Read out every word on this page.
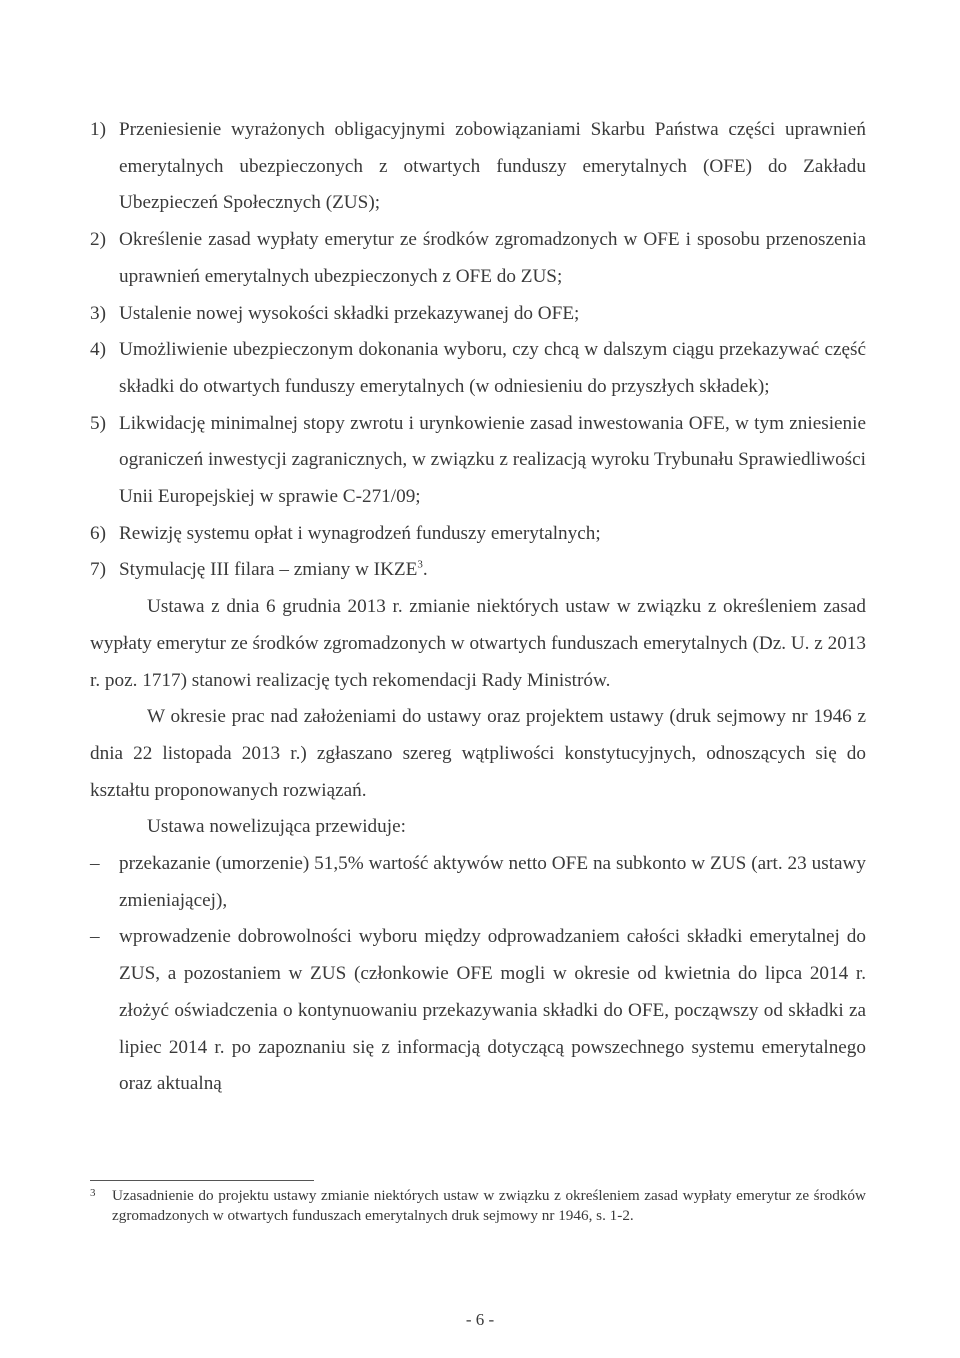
1) Przeniesienie wyrażonych obligacyjnymi zobowiązaniami Skarbu Państwa części uprawnień emerytalnych ubezpieczonych z otwartych funduszy emerytalnych (OFE) do Zakładu Ubezpieczeń Społecznych (ZUS);
2) Określenie zasad wypłaty emerytur ze środków zgromadzonych w OFE i sposobu przenoszenia uprawnień emerytalnych ubezpieczonych z OFE do ZUS;
3) Ustalenie nowej wysokości składki przekazywanej do OFE;
4) Umożliwienie ubezpieczonym dokonania wyboru, czy chcą w dalszym ciągu przekazywać część składki do otwartych funduszy emerytalnych (w odniesieniu do przyszłych składek);
5) Likwidację minimalnej stopy zwrotu i urynkowienie zasad inwestowania OFE, w tym zniesienie ograniczeń inwestycji zagranicznych, w związku z realizacją wyroku Trybunału Sprawiedliwości Unii Europejskiej w sprawie C-271/09;
6) Rewizję systemu opłat i wynagrodzeń funduszy emerytalnych;
7) Stymulację III filara – zmiany w IKZE$^3$.

Ustawa z dnia 6 grudnia 2013 r. zmianie niektórych ustaw w związku z określeniem zasad wypłaty emerytur ze środków zgromadzonych w otwartych funduszach emerytalnych (Dz. U. z 2013 r. poz. 1717) stanowi realizację tych rekomendacji Rady Ministrów.

W okresie prac nad założeniami do ustawy oraz projektem ustawy (druk sejmowy nr 1946 z dnia 22 listopada 2013 r.) zgłaszano szereg wątpliwości konstytucyjnych, odnoszących się do kształtu proponowanych rozwiązań.

Ustawa nowelizująca przewiduje:

– przekazanie (umorzenie) 51,5% wartość aktywów netto OFE na subkonto w ZUS (art. 23 ustawy zmieniającej),
– wprowadzenie dobrowolności wyboru między odprowadzaniem całości składki emerytalnej do ZUS, a pozostaniem w ZUS (członkowie OFE mogli w okresie od kwietnia do lipca 2014 r. złożyć oświadczenia o kontynuowaniu przekazywania składki do OFE, począwszy od składki za lipiec 2014 r. po zapoznaniu się z informacją dotyczącą powszechnego systemu emerytalnego oraz aktualną
3 Uzasadnienie do projektu ustawy zmianie niektórych ustaw w związku z określeniem zasad wypłaty emerytur ze środków zgromadzonych w otwartych funduszach emerytalnych druk sejmowy nr 1946, s. 1-2.
- 6 -
